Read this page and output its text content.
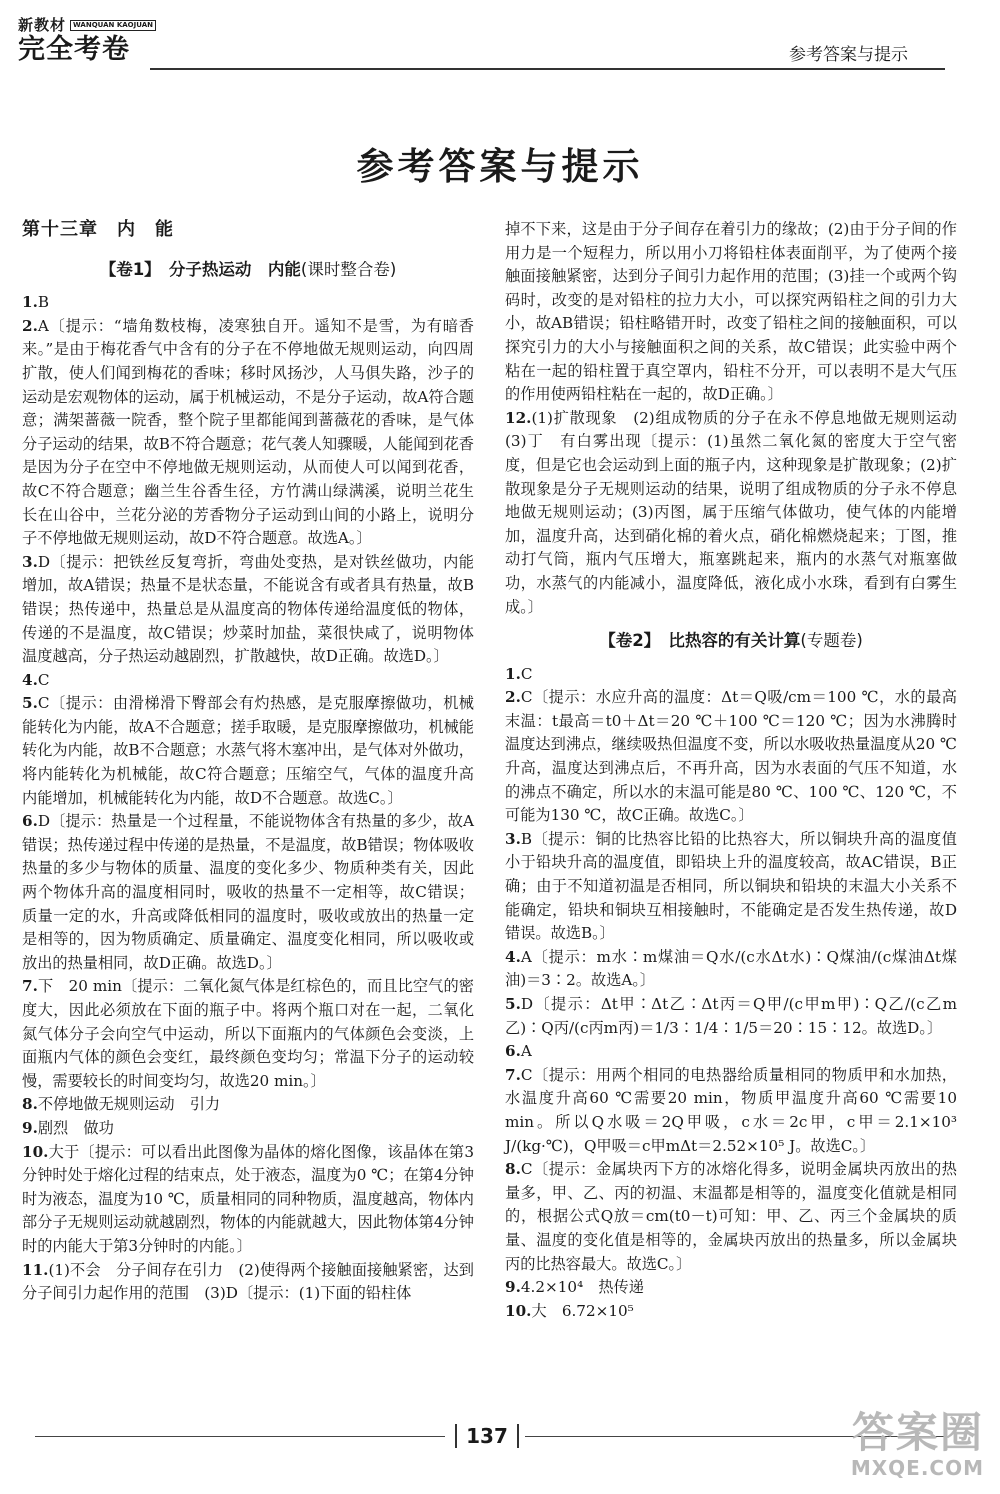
新教材	WANQUAN KAOJUAN
完全考卷	参考答案与提示
参考答案与提示
第十三章　内　能
【卷1】　分子热运动　内能(课时整合卷)
1.B
2.A〔提示：“墙角数枝梅，凌寒独自开。遥知不是雪，为有暗香来。”是由于梅花香气中含有的分子在不停地做无规则运动，向四周扩散，使人们闻到梅花的香味；移时风扬沙，人马俱失路，沙子的运动是宏观物体的运动，属于机械运动，不是分子运动，故A符合题意；满架蔷薇一院香，整个院子里都能闻到蔷薇花的香味，是气体分子运动的结果，故B不符合题意；花气袭人知骤暖，人能闻到花香是因为分子在空中不停地做无规则运动，从而使人可以闻到花香，故C不符合题意；幽兰生谷香生径，方竹满山绿满溪，说明兰花生长在山谷中，兰花分泌的芳香物分子运动到山间的小路上，说明分子不停地做无规则运动，故D不符合题意。故选A。〕
3.D〔提示：把铁丝反复弯折，弯曲处变热，是对铁丝做功，内能增加，故A错误；热量不是状态量，不能说含有或者具有热量，故B错误；热传递中，热量总是从温度高的物体传递给温度低的物体，传递的不是温度，故C错误；炒菜时加盐，菜很快咸了，说明物体温度越高，分子热运动越剧烈，扩散越快，故D正确。故选D。〕
4.C
5.C〔提示：由滑梯滑下臀部会有灼热感，是克服摩擦做功，机械能转化为内能，故A不合题意；搓手取暖，是克服摩擦做功，机械能转化为内能，故B不合题意；水蒸气将木塞冲出，是气体对外做功，将内能转化为机械能，故C符合题意；压缩空气，气体的温度升高内能增加，机械能转化为内能，故D不合题意。故选C。〕
6.D〔提示：热量是一个过程量，不能说物体含有热量的多少，故A错误；热传递过程中传递的是热量，不是温度，故B错误；物体吸收热量的多少与物体的质量、温度的变化多少、物质种类有关，因此两个物体升高的温度相同时，吸收的热量不一定相等，故C错误；质量一定的水，升高或降低相同的温度时，吸收或放出的热量一定是相等的，因为物质确定、质量确定、温度变化相同，所以吸收或放出的热量相同，故D正确。故选D。〕
7.下　20 min〔提示：二氧化氮气体是红棕色的，而且比空气的密度大，因此必须放在下面的瓶子中。将两个瓶口对在一起，二氧化氮气体分子会向空气中运动，所以下面瓶内的气体颜色会变淡，上面瓶内气体的颜色会变红，最终颜色变均匀；常温下分子的运动较慢，需要较长的时间变均匀，故选20 min。〕
8.不停地做无规则运动　引力
9.剧烈　做功
10.大于〔提示：可以看出此图像为晶体的熔化图像，该晶体在第3分钟时处于熔化过程的结束点，处于液态，温度为0 ℃；在第4分钟时为液态，温度为10 ℃，质量相同的同种物质，温度越高，物体内部分子无规则运动就越剧烈，物体的内能就越大，因此物体第4分钟时的内能大于第3分钟时的内能。〕
11.(1)不会　分子间存在引力　(2)使得两个接触面接触紧密，达到分子间引力起作用的范围　(3)D〔提示：(1)下面的铅柱体
掉不下来，这是由于分子间存在着引力的缘故；(2)由于分子间的作用力是一个短程力，所以用小刀将铅柱体表面削平，为了使两个接触面接触紧密，达到分子间引力起作用的范围；(3)挂一个或两个钩码时，改变的是对铅柱的拉力大小，可以探究两铅柱之间的引力大小，故AB错误；铅柱略错开时，改变了铅柱之间的接触面积，可以探究引力的大小与接触面积之间的关系，故C错误；此实验中两个粘在一起的铅柱置于真空罩内，铅柱不分开，可以表明不是大气压的作用使两铅柱粘在一起的，故D正确。〕
12.(1)扩散现象　(2)组成物质的分子在永不停息地做无规则运动　(3)丁　有白雾出现〔提示：(1)虽然二氧化氮的密度大于空气密度，但是它也会运动到上面的瓶子内，这种现象是扩散现象；(2)扩散现象是分子无规则运动的结果，说明了组成物质的分子永不停息地做无规则运动；(3)丙图，属于压缩气体做功，使气体的内能增加，温度升高，达到硝化棉的着火点，硝化棉燃烧起来；丁图，推动打气筒，瓶内气压增大，瓶塞跳起来，瓶内的水蒸气对瓶塞做功，水蒸气的内能减小，温度降低，液化成小水珠，看到有白雾生成。〕
【卷2】　比热容的有关计算(专题卷)
1.C
2.C〔提示：水应升高的温度：Δt＝Q吸/cm＝100 ℃，水的最高末温：t最高＝t0＋Δt＝20 ℃＋100 ℃＝120 ℃；因为水沸腾时温度达到沸点，继续吸热但温度不变，所以水吸收热量温度从20 ℃升高，温度达到沸点后，不再升高，因为水表面的气压不知道，水的沸点不确定，所以水的末温可能是80 ℃、100 ℃、120 ℃，不可能为130 ℃，故C正确。故选C。〕
3.B〔提示：铜的比热容比铅的比热容大，所以铜块升高的温度值小于铅块升高的温度值，即铅块上升的温度较高，故AC错误，B正确；由于不知道初温是否相同，所以铜块和铅块的末温大小关系不能确定，铅块和铜块互相接触时，不能确定是否发生热传递，故D错误。故选B。〕
4.A〔提示：m水∶m煤油＝Q水/(c水Δt水)∶Q煤油/(c煤油Δt煤油)＝3∶2。故选A。〕
5.D〔提示：Δt甲∶Δt乙∶Δt丙＝Q甲/(c甲m甲)∶Q乙/(c乙m乙)∶Q丙/(c丙m丙)＝1/3∶1/4∶1/5＝20∶15∶12。故选D。〕
6.A
7.C〔提示：用两个相同的电热器给质量相同的物质甲和水加热，水温度升高60 ℃需要20 min，物质甲温度升高60 ℃需要10 min。所以Q水吸＝2Q甲吸，c水＝2c甲，c甲＝2.1×10³ J/(kg·℃)，Q甲吸＝c甲mΔt＝2.52×10⁵ J。故选C。〕
8.C〔提示：金属块丙下方的冰熔化得多，说明金属块丙放出的热量多，甲、乙、丙的初温、末温都是相等的，温度变化值就是相同的，根据公式Q放＝cm(t0－t)可知：甲、乙、丙三个金属块的质量、温度的变化值是相等的，金属块丙放出的热量多，所以金属块丙的比热容最大。故选C。〕
9.4.2×10⁴　热传递
10.大　6.72×10⁵
137	答案圈
MXQE.COM
